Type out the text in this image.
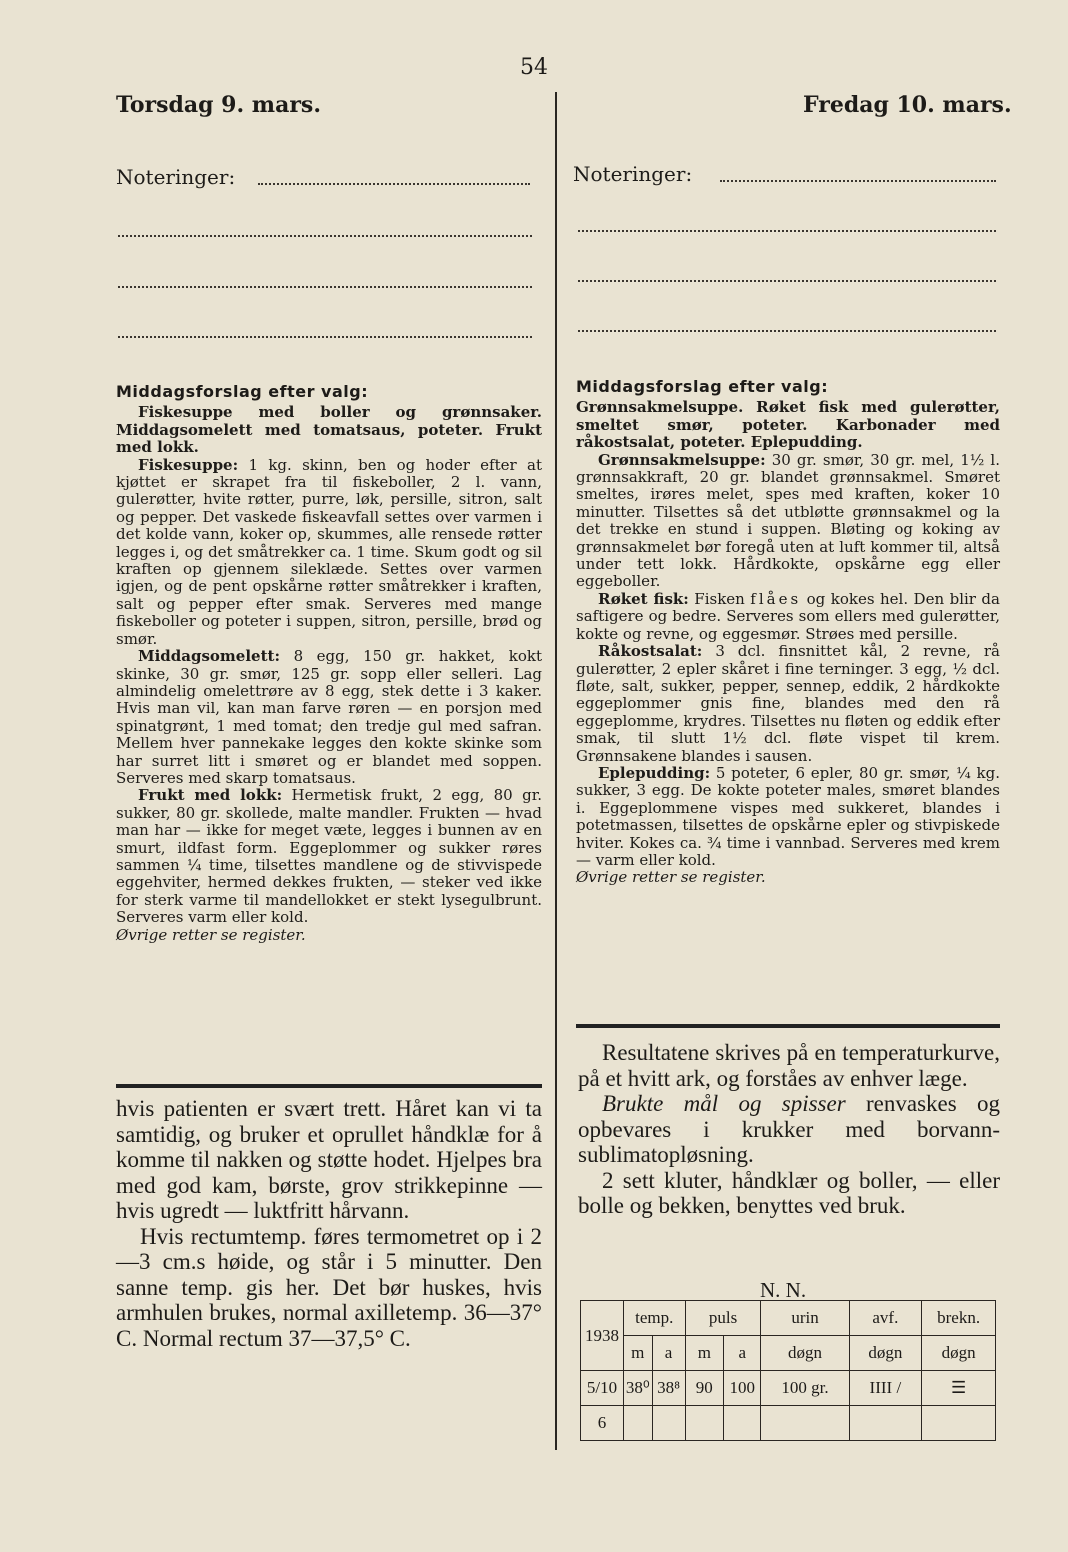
54
Torsdag 9. mars.	Fredag 10. mars.
Noteringer:	Noteringer:
Middagsforslag efter valg:

Fiskesuppe med boller og grønnsaker. Middagsomelett med tomatsaus, poteter. Frukt med lokk.

Fiskesuppe: 1 kg. skinn, ben og hoder efter at kjøttet er skrapet fra til fiskeboller, 2 l. vann, gulerøtter, hvite røtter, purre, løk, persille, sitron, salt og pepper. Det vaskede fiskeavfall settes over varmen i det kolde vann, koker op, skummes, alle rensede røtter legges i, og det småtrekker ca. 1 time. Skum godt og sil kraften op gjennem sileklæde. Settes over varmen igjen, og de pent opskårne røtter småtrekker i kraften, salt og pepper efter smak. Serveres med mange fiskeboller og poteter i suppen, sitron, persille, brød og smør.

Middagsomelett: 8 egg, 150 gr. hakket, kokt skinke, 30 gr. smør, 125 gr. sopp eller selleri. Lag almindelig omelettrøre av 8 egg, stek dette i 3 kaker. Hvis man vil, kan man farve røren — en porsjon med spinatgrønt, 1 med tomat; den tredje gul med safran. Mellem hver pannekake legges den kokte skinke som har surret litt i smøret og er blandet med soppen. Serveres med skarp tomatsaus.

Frukt med lokk: Hermetisk frukt, 2 egg, 80 gr. sukker, 80 gr. skollede, malte mandler. Frukten — hvad man har — ikke for meget væte, legges i bunnen av en smurt, ildfast form. Eggeplommer og sukker røres sammen ¼ time, tilsettes mandlene og de stivvispede eggehviter, hermed dekkes frukten, — steker ved ikke for sterk varme til mandellokket er stekt lysegulbrunt. Serveres varm eller kold.

Øvrige retter se register.

hvis patienten er svært trett. Håret kan vi ta samtidig, og bruker et oprullet håndklæ for å komme til nakken og støtte hodet. Hjelpes bra med god kam, børste, grov strikkepinne — hvis ugredt — luktfritt hårvann.

Hvis rectumtemp. føres termometret op i 2—3 cm.s høide, og står i 5 minutter. Den sanne temp. gis her. Det bør huskes, hvis armhulen brukes, normal axilletemp. 36—37° C. Normal rectum 37—37,5° C.

Middagsforslag efter valg:

Grønnsakmelsuppe. Røket fisk med gulerøtter, smeltet smør, poteter. Karbonader med råkostsalat, poteter. Eplepudding.

Grønnsakmelsuppe: 30 gr. smør, 30 gr. mel, 1½ l. grønnsakkraft, 20 gr. blandet grønnsakmel. Smøret smeltes, irøres melet, spes med kraften, koker 10 minutter. Tilsettes så det utbløtte grønnsakmel og la det trekke en stund i suppen. Bløting og koking av grønnsakmelet bør foregå uten at luft kommer til, altså under tett lokk. Hårdkokte, opskårne egg eller eggeboller.

Røket fisk: Fisken flåes og kokes hel. Den blir da saftigere og bedre. Serveres som ellers med gulerøtter, kokte og revne, og eggesmør. Strøes med persille.

Råkostsalat: 3 dcl. finsnittet kål, 2 revne, rå gulerøtter, 2 epler skåret i fine terninger. 3 egg, ½ dcl. fløte, salt, sukker, pepper, sennep, eddik, 2 hårdkokte eggeplommer gnis fine, blandes med den rå eggeplomme, krydres. Tilsettes nu fløten og eddik efter smak, til slutt 1½ dcl. fløte vispet til krem. Grønnsakene blandes i sausen.

Eplepudding: 5 poteter, 6 epler, 80 gr. smør, ¼ kg. sukker, 3 egg. De kokte poteter males, smøret blandes i. Eggeplommene vispes med sukkeret, blandes i potetmassen, tilsettes de opskårne epler og stivpiskede hviter. Kokes ca. ¾ time i vannbad. Serveres med krem — varm eller kold.

Øvrige retter se register.

Resultatene skrives på en temperaturkurve, på et hvitt ark, og forståes av enhver læge.

Brukte mål og spisser renvaskes og opbevares i krukker med borvann-sublimatopløsning.

2 sett kluter, håndklær og boller, — eller bolle og bekken, benyttes ved bruk.

N. N.
1938	temp.		puls		urin	avf.	brekn.
	m	a	m	a	døgn	døgn	døgn
5/10	38⁰	38⁸	90	100	100 gr.	IIII /	☰
6							
